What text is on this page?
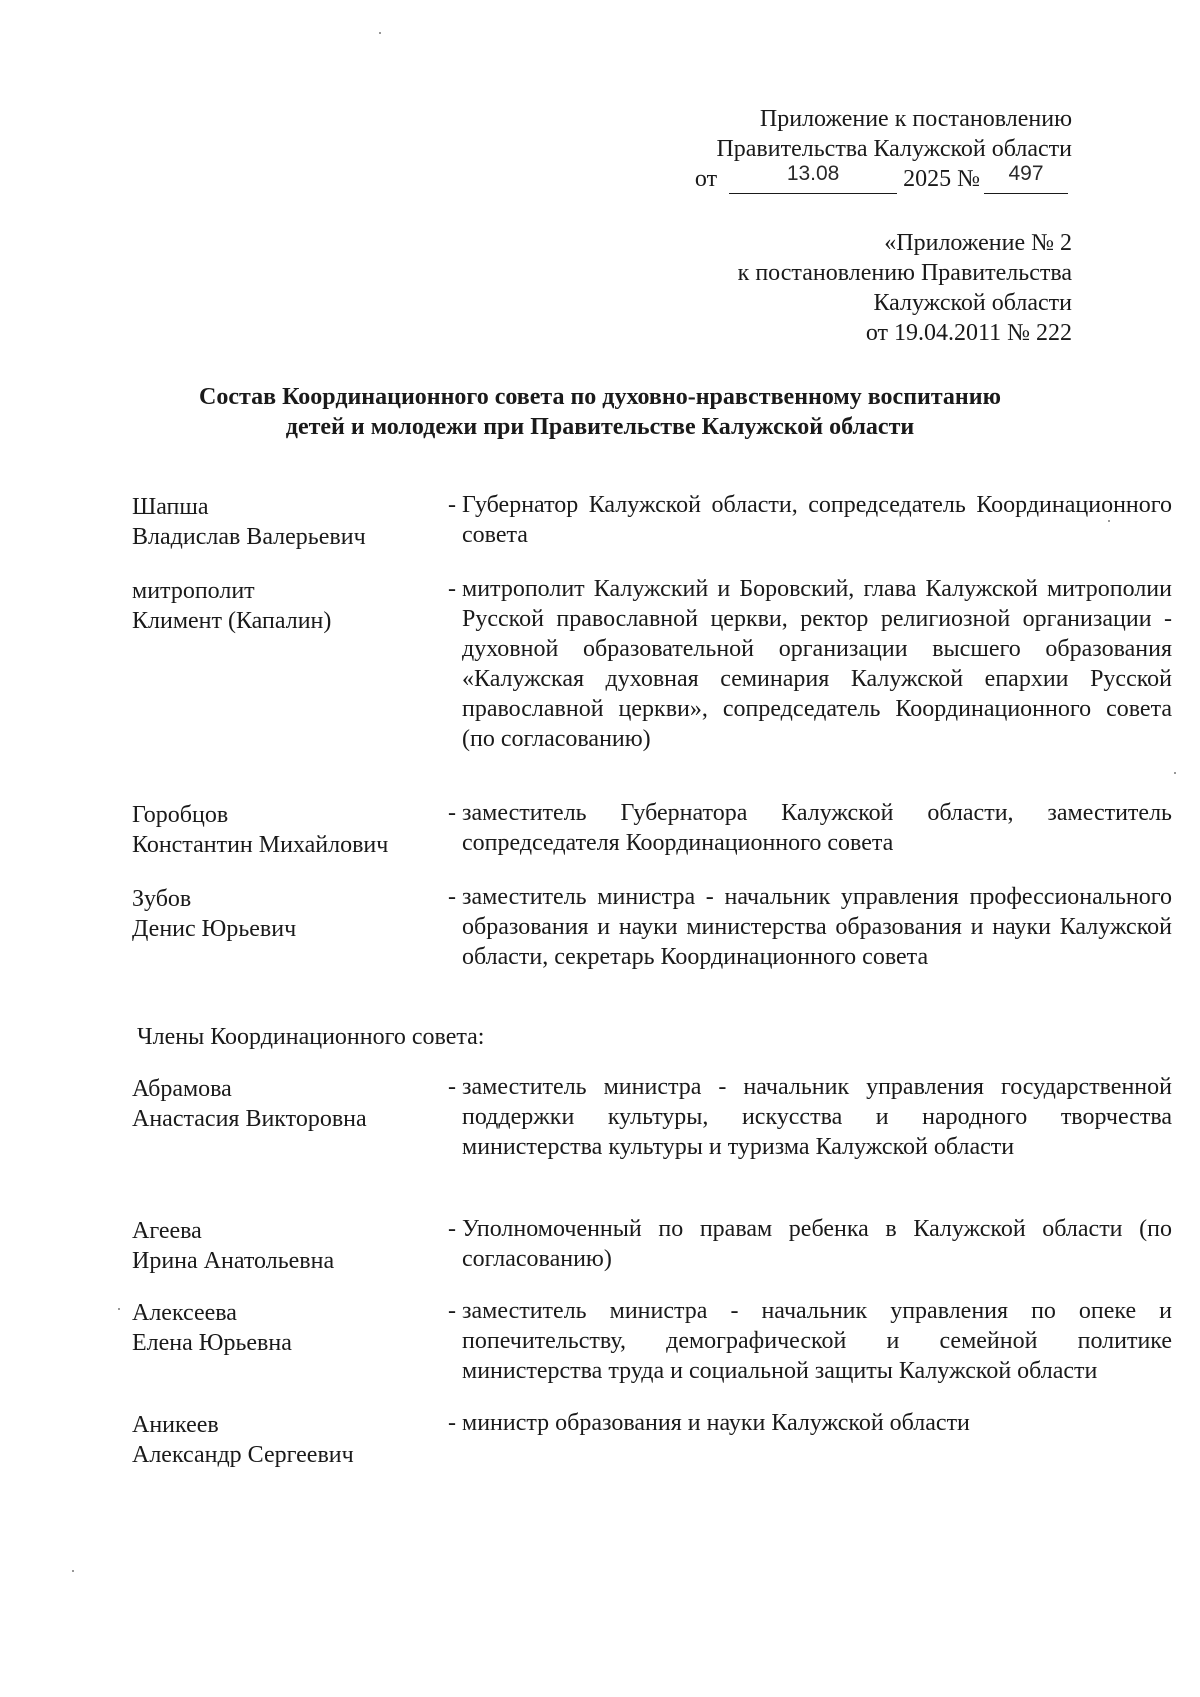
Приложение к постановлению
Правительства Калужской области
от	13.08	2025 №	497
«Приложение № 2
к постановлению Правительства
Калужской области
от 19.04.2011 № 222
Состав Координационного совета по духовно-нравственному воспитанию
детей и молодежи при Правительстве Калужской области
Шапша
Владислав Валерьевич
- Губернатор Калужской области, сопредседатель Координационного совета
митрополит
Климент (Капалин)
- митрополит Калужский и Боровский, глава Калужской митрополии Русской православной церкви, ректор религиозной организации - духовной образовательной организации высшего образования «Калужская духовная семинария Калужской епархии Русской православной церкви», сопредседатель Координационного совета (по согласованию)
Горобцов
Константин Михайлович
- заместитель Губернатора Калужской области, заместитель сопредседателя Координационного совета
Зубов
Денис Юрьевич
- заместитель министра - начальник управления профессионального образования и науки министерства образования и науки Калужской области, секретарь Координационного совета
Члены Координационного совета:
Абрамова
Анастасия Викторовна
- заместитель министра - начальник управления государственной поддержки культуры, искусства и народного творчества министерства культуры и туризма Калужской области
Агеева
Ирина Анатольевна
- Уполномоченный по правам ребенка в Калужской области (по согласованию)
Алексеева
Елена Юрьевна
- заместитель министра - начальник управления по опеке и попечительству, демографической и семейной политике министерства труда и социальной защиты Калужской области
Аникеев
Александр Сергеевич
- министр образования и науки Калужской области
